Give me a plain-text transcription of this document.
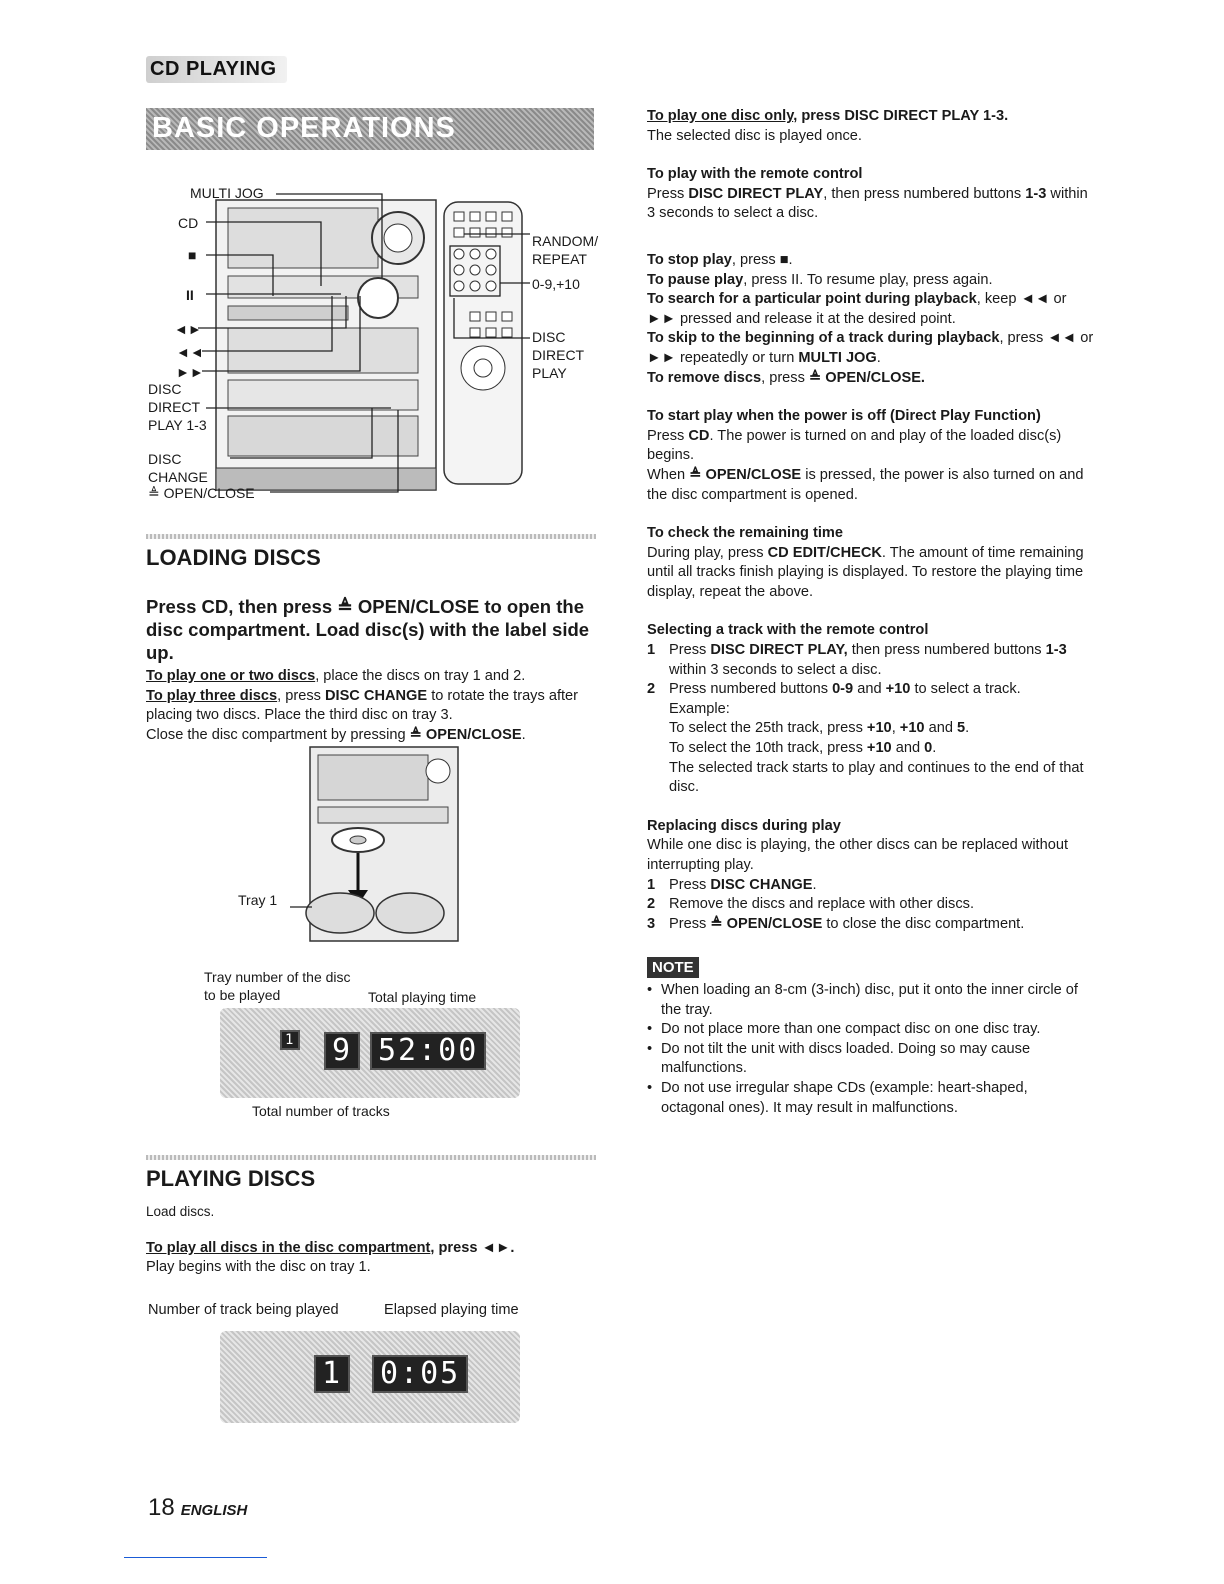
CD PLAYING
BASIC OPERATIONS
MULTI JOG
CD
■
II
◄►
◄◄
►►
DISC
DIRECT
PLAY 1-3
DISC
CHANGE
≜ OPEN/CLOSE
RANDOM/
REPEAT
0-9,+10
DISC
DIRECT
PLAY
LOADING DISCS

Press CD, then press ≜ OPEN/CLOSE to open the disc compartment. Load disc(s) with the label side up.

To play one or two discs, place the discs on tray 1 and 2.

To play three discs, press DISC CHANGE to rotate the trays after placing two discs. Place the third disc on tray 3.

Close the disc compartment by pressing ≜ OPEN/CLOSE.

Tray 1
Tray number of the disc to be played	Total playing time
1 9 52:00
Total number of tracks
PLAYING DISCS

Load discs.

To play all discs in the disc compartment, press ◄►.

Play begins with the disc on tray 1.

Number of track being played	Elapsed playing time
1 0:05

To play one disc only, press DISC DIRECT PLAY 1-3.

The selected disc is played once.

To play with the remote control

Press DISC DIRECT PLAY, then press numbered buttons 1-3 within 3 seconds to select a disc.

To stop play, press ■.

To pause play, press II. To resume play, press again.

To search for a particular point during playback, keep ◄◄ or ►► pressed and release it at the desired point.

To skip to the beginning of a track during playback, press ◄◄ or ►► repeatedly or turn MULTI JOG.

To remove discs, press ≜ OPEN/CLOSE.

To start play when the power is off (Direct Play Function)

Press CD. The power is turned on and play of the loaded disc(s) begins.

When ≜ OPEN/CLOSE is pressed, the power is also turned on and the disc compartment is opened.

To check the remaining time

During play, press CD EDIT/CHECK. The amount of time remaining until all tracks finish playing is displayed. To restore the playing time display, repeat the above.

Selecting a track with the remote control

1 Press DISC DIRECT PLAY, then press numbered buttons 1-3 within 3 seconds to select a disc.
2 Press numbered buttons 0-9 and +10 to select a track.
Example:
To select the 25th track, press +10, +10 and 5.
To select the 10th track, press +10 and 0.
The selected track starts to play and continues to the end of that disc.

Replacing discs during play

While one disc is playing, the other discs can be replaced without interrupting play.

1 Press DISC CHANGE.
2 Remove the discs and replace with other discs.
3 Press ≜ OPEN/CLOSE to close the disc compartment.
NOTE
• When loading an 8-cm (3-inch) disc, put it onto the inner circle of the tray.
• Do not place more than one compact disc on one disc tray.
• Do not tilt the unit with discs loaded. Doing so may cause malfunctions.
• Do not use irregular shape CDs (example: heart-shaped, octagonal ones). It may result in malfunctions.
18 ENGLISH
